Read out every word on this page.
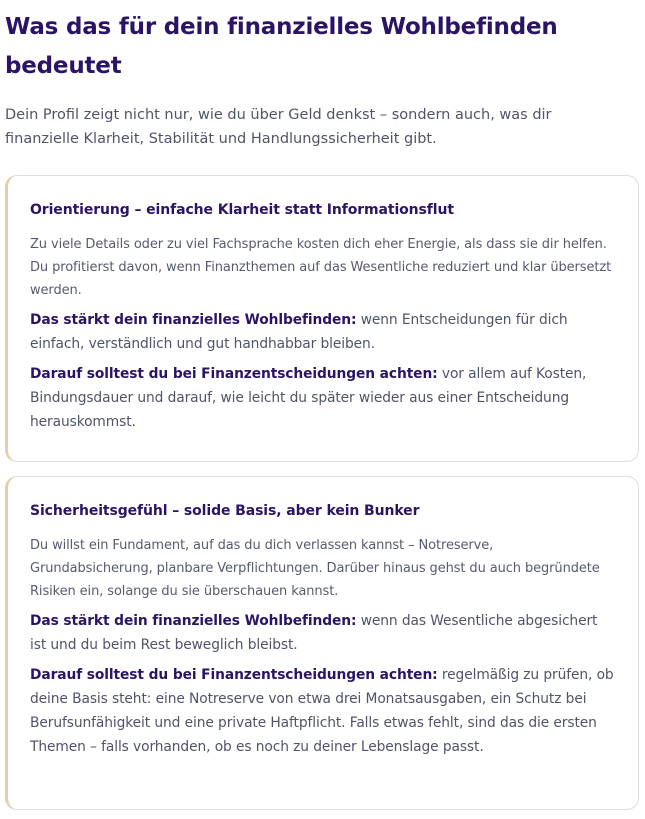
Was das für dein finanzielles Wohlbefinden bedeutet

Dein Profil zeigt nicht nur, wie du über Geld denkst – sondern auch, was dir finanzielle Klarheit, Stabilität und Handlungssicherheit gibt.

Orientierung – einfache Klarheit statt Informationsflut

Zu viele Details oder zu viel Fachsprache kosten dich eher Energie, als dass sie dir helfen. Du profitierst davon, wenn Finanzthemen auf das Wesentliche reduziert und klar übersetzt werden.

Das stärkt dein finanzielles Wohlbefinden: wenn Entscheidungen für dich einfach, verständlich und gut handhabbar bleiben.

Darauf solltest du bei Finanzentscheidungen achten: vor allem auf Kosten, Bindungsdauer und darauf, wie leicht du später wieder aus einer Entscheidung herauskommst.

Sicherheitsgefühl – solide Basis, aber kein Bunker

Du willst ein Fundament, auf das du dich verlassen kannst – Notreserve, Grundabsicherung, planbare Verpflichtungen. Darüber hinaus gehst du auch begründete Risiken ein, solange du sie überschauen kannst.

Das stärkt dein finanzielles Wohlbefinden: wenn das Wesentliche abgesichert ist und du beim Rest beweglich bleibst.

Darauf solltest du bei Finanzentscheidungen achten: regelmäßig zu prüfen, ob deine Basis steht: eine Notreserve von etwa drei Monatsausgaben, ein Schutz bei Berufsunfähigkeit und eine private Haftpflicht. Falls etwas fehlt, sind das die ersten Themen – falls vorhanden, ob es noch zu deiner Lebenslage passt.
